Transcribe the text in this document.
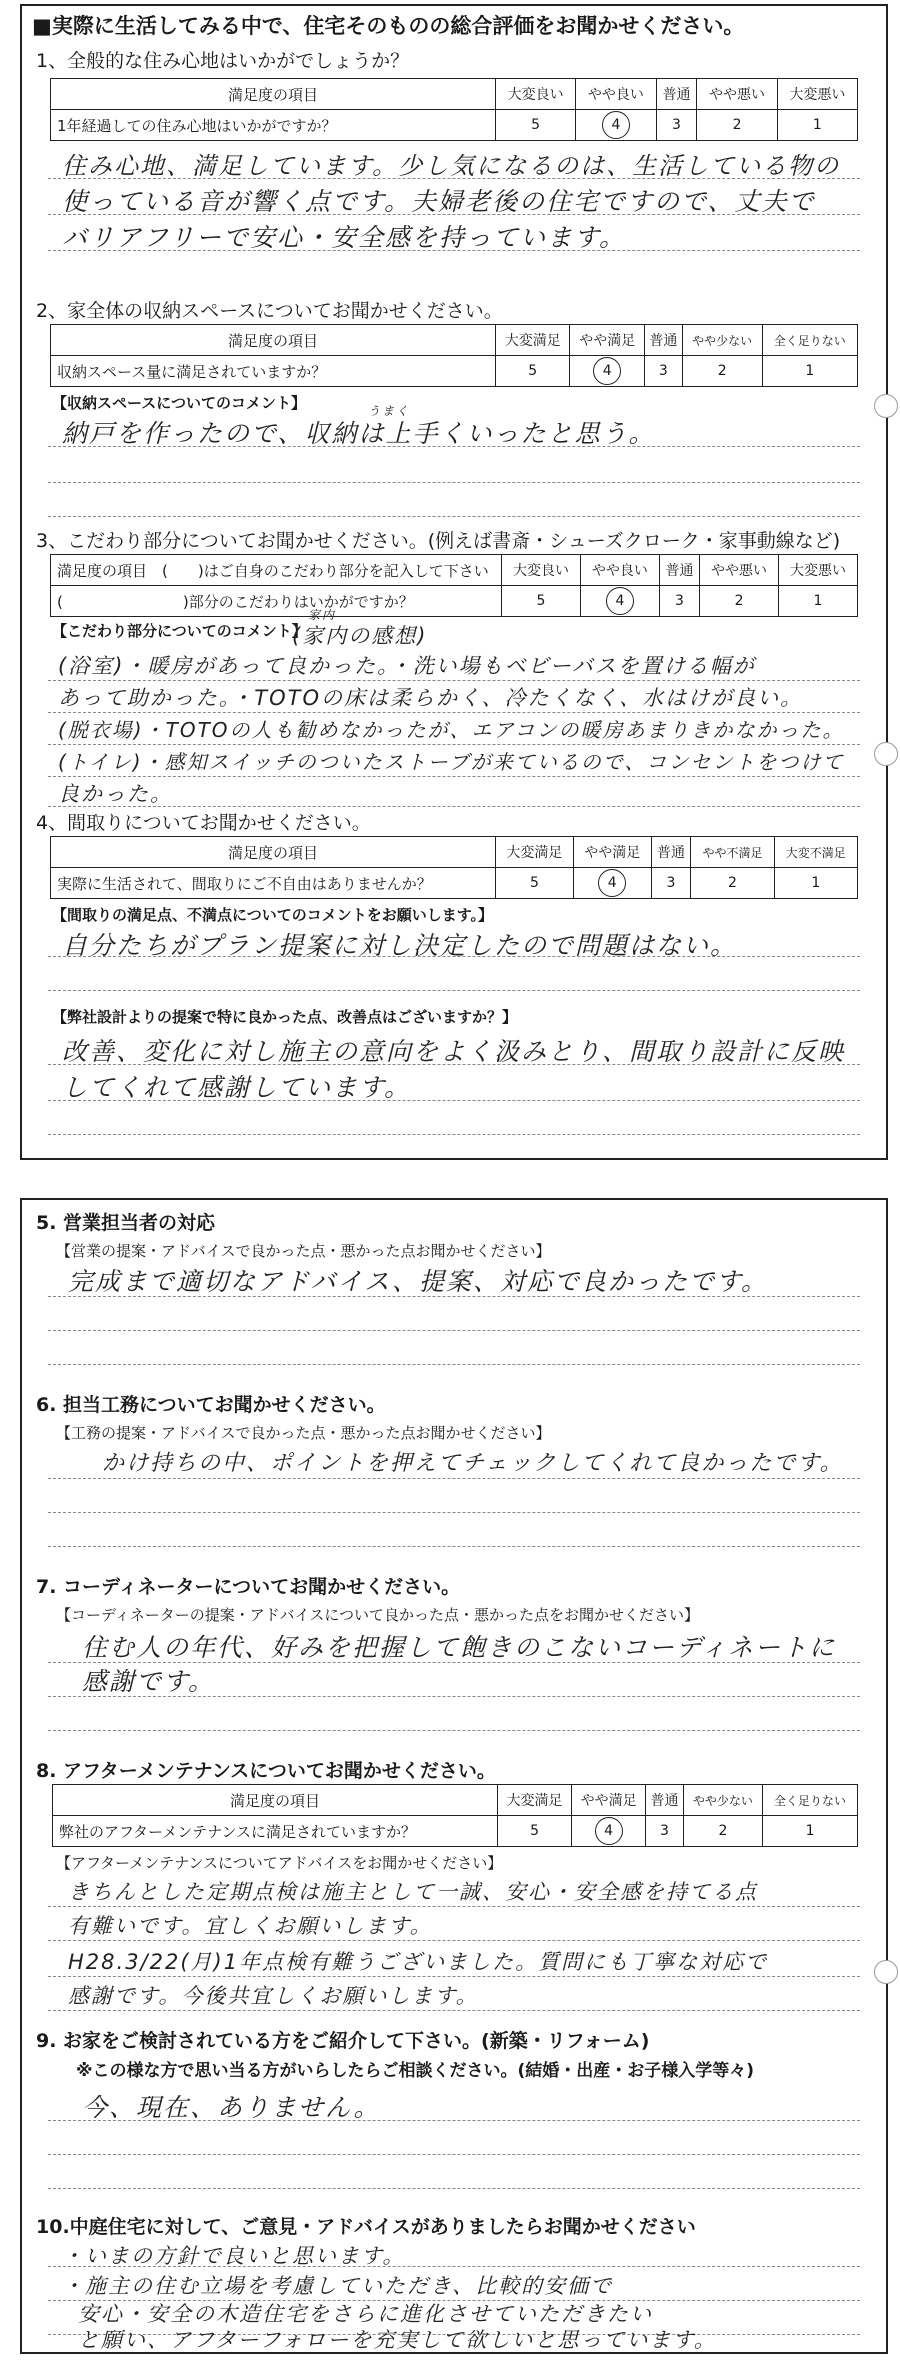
■実際に生活してみる中で、住宅そのものの総合評価をお聞かせください。
1、全般的な住み心地はいかがでしょうか？
満足度の項目	大変良い	やや良い	普通	やや悪い	大変悪い
1年経過しての住み心地はいかがですか？	5	4	3	2	1
住み心地、満足しています。少し気になるのは、生活している物の
使っている音が響く点です。夫婦老後の住宅ですので、丈夫で
バリアフリーで安心・安全感を持っています。
2、家全体の収納スペースについてお聞かせください。
満足度の項目	大変満足	やや満足	普通	やや少ない	全く足りない
収納スペース量に満足されていますか？	5	4	3	2	1
【収納スペースについてのコメント】	うまく
納戸を作ったので、収納は上手くいったと思う。
3、こだわり部分についてお聞かせください。(例えば書斎・シューズクローク・家事動線など)
満足度の項目　(　　)はご自身のこだわり部分を記入して下さい	大変良い	やや良い	普通	やや悪い	大変悪い
(　　　　　　　　)部分のこだわりはいかがですか？	5	4	3	2	1
【こだわり部分についてのコメント】
家内
(家内の感想)
(浴室)・暖房があって良かった。・洗い場もベビーバスを置ける幅が
あって助かった。・TOTOの床は柔らかく、冷たくなく、水はけが良い。
(脱衣場)・TOTOの人も勧めなかったが、エアコンの暖房あまりきかなかった。
(トイレ)・感知スイッチのついたストーブが来ているので、コンセントをつけて
良かった。
4、間取りについてお聞かせください。
満足度の項目	大変満足	やや満足	普通	やや不満足	大変不満足
実際に生活されて、間取りにご不自由はありませんか？	5	4	3	2	1
【間取りの満足点、不満点についてのコメントをお願いします。】
自分たちがプラン提案に対し決定したので問題はない。
【弊社設計よりの提案で特に良かった点、改善点はございますか？】
改善、変化に対し施主の意向をよく汲みとり、間取り設計に反映
してくれて感謝しています。
5. 営業担当者の対応
【営業の提案・アドバイスで良かった点・悪かった点お聞かせください】
完成まで適切なアドバイス、提案、対応で良かったです。
6. 担当工務についてお聞かせください。
【工務の提案・アドバイスで良かった点・悪かった点お聞かせください】
かけ持ちの中、ポイントを押えてチェックしてくれて良かったです。
7. コーディネーターについてお聞かせください。
【コーディネーターの提案・アドバイスについて良かった点・悪かった点をお聞かせください】
住む人の年代、好みを把握して飽きのこないコーディネートに
感謝です。
8. アフターメンテナンスについてお聞かせください。
満足度の項目	大変満足	やや満足	普通	やや少ない	全く足りない
弊社のアフターメンテナンスに満足されていますか？	5	4	3	2	1
【アフターメンテナンスについてアドバイスをお聞かせください】
きちんとした定期点検は施主として一誠、安心・安全感を持てる点
有難いです。宜しくお願いします。
H28.3/22(月)1年点検有難うございました。質問にも丁寧な対応で
感謝です。今後共宜しくお願いします。
9. お家をご検討されている方をご紹介して下さい。(新築・リフォーム)
※この様な方で思い当る方がいらしたらご相談ください。(結婚・出産・お子様入学等々)
今、現在、ありません。
10.中庭住宅に対して、ご意見・アドバイスがありましたらお聞かせください
・いまの方針で良いと思います。
・施主の住む立場を考慮していただき、比較的安価で
安心・安全の木造住宅をさらに進化させていただきたい
と願い、アフターフォローを充実して欲しいと思っています。
